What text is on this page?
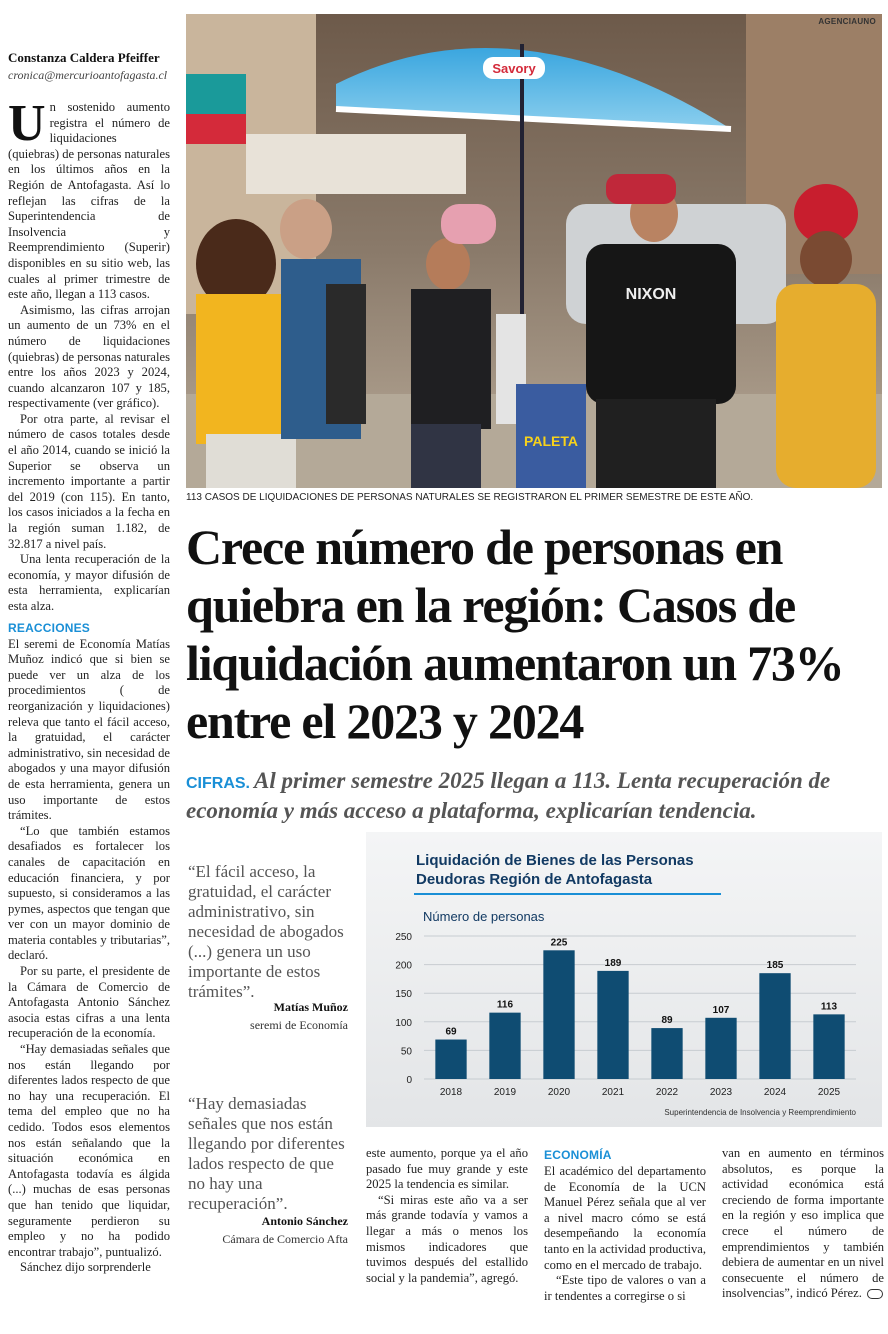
Constanza Caldera Pfeiffer
cronica@mercurioantofagasta.cl

Un sostenido aumento registra el número de liquidaciones (quiebras) de personas naturales en los últimos años en la Región de Antofagasta. Así lo reflejan las cifras de la Superintendencia de Insolvencia y Reemprendimiento (Superir) disponibles en su sitio web, las cuales al primer trimestre de este año, llegan a 113 casos.

Asimismo, las cifras arrojan un aumento de un 73% en el número de liquidaciones (quiebras) de personas naturales entre los años 2023 y 2024, cuando alcanzaron 107 y 185, respectivamente (ver gráfico).

Por otra parte, al revisar el número de casos totales desde el año 2014, cuando se inició la Superior se observa un incremento importante a partir del 2019 (con 115). En tanto, los casos iniciados a la fecha en la región suman 1.182, de 32.817 a nivel país.

Una lenta recuperación de la economía, y mayor difusión de esta herramienta, explicarían esta alza.

REACCIONES

El seremi de Economía Matías Muñoz indicó que si bien se puede ver un alza de los procedimientos ( de reorganización y liquidaciones) releva que tanto el fácil acceso, la gratuidad, el carácter administrativo, sin necesidad de abogados y una mayor difusión de esta herramienta, genera un uso importante de estos trámites.

“Lo que también estamos desafiados es fortalecer los canales de capacitación en educación financiera, y por supuesto, si consideramos a las pymes, aspectos que tengan que ver con un mayor dominio de materia contables y tributarias”, declaró.

Por su parte, el presidente de la Cámara de Comercio de Antofagasta Antonio Sánchez asocia estas cifras a una lenta recuperación de la economía.

“Hay demasiadas señales que nos están llegando por diferentes lados respecto de que no hay una recuperación. El tema del empleo que no ha cedido. Todos esos elementos nos están señalando que la situación económica en Antofagasta todavía es álgida (...) muchas de esas personas que han tenido que liquidar, seguramente perdieron su empleo y no ha podido encontrar trabajo”, puntualizó.

Sánchez dijo sorprenderle

Savory
PALETA
NIXON
AGENCIAUNO
113 CASOS DE LIQUIDACIONES DE PERSONAS NATURALES SE REGISTRARON EL PRIMER SEMESTRE DE ESTE AÑO.
Crece número de personas en quiebra en la región: Casos de liquidación aumentaron un 73% entre el 2023 y 2024
CIFRAS. Al primer semestre 2025 llegan a 113. Lenta recuperación de economía y más acceso a plataforma, explicarían tendencia.
“El fácil acceso, la gratuidad, el carácter administrativo, sin necesidad de abogados (...) genera un uso importante de estos trámites”.
Matías Muñoz
seremi de Economía
“Hay demasiadas señales que nos están llegando por diferentes lados respecto de que no hay una recuperación”.
Antonio Sánchez
Cámara de Comercio Afta
Liquidación de Bienes de las Personas
Deudoras Región de Antofagasta
Número de personas
0
50
100
150
200
250
69
2018
116
2019
225
2020
189
2021
89
2022
107
2023
185
2024
113
2025
Superintendencia de Insolvencia y Reemprendimiento

este aumento, porque ya el año pasado fue muy grande y este 2025 la tendencia es similar.

“Si miras este año va a ser más grande todavía y vamos a llegar a más o menos los mismos indicadores que tuvimos después del estallido social y la pandemia”, agregó.

ECONOMÍA

El académico del departamento de Economía de la UCN Manuel Pérez señala que al ver a nivel macro cómo se está desempeñando la economía tanto en la actividad productiva, como en el mercado de trabajo.

“Este tipo de valores o van a ir tendentes a corregirse o si

van en aumento en términos absolutos, es porque la actividad económica está creciendo de forma importante en la región y eso implica que crece el número de emprendimientos y también debiera de aumentar en un nivel consecuente el número de insolvencias”, indicó Pérez.
